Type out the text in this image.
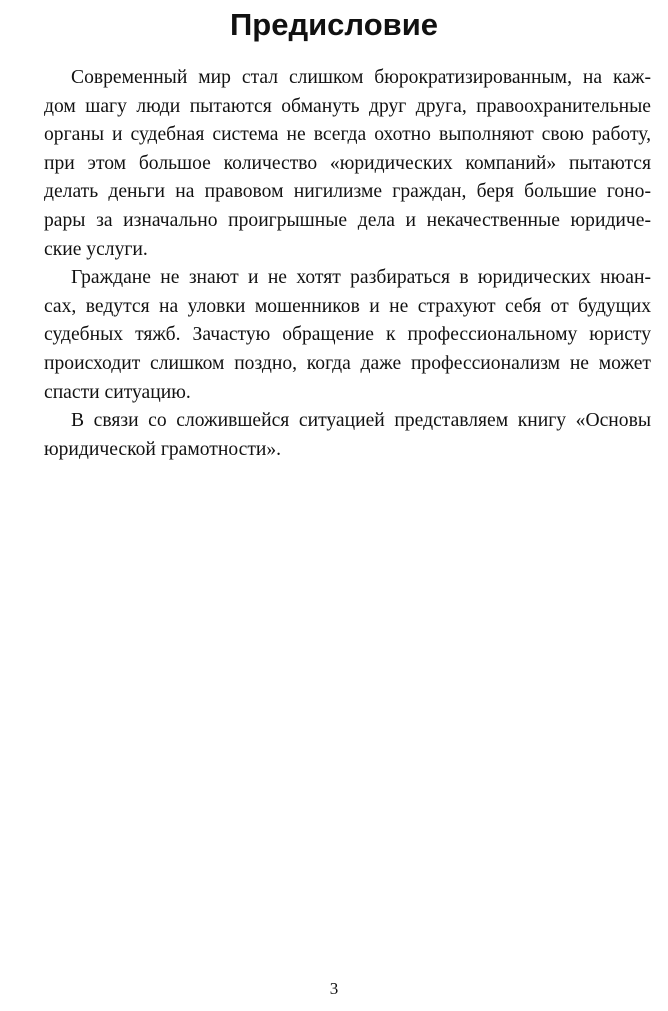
Предисловие

Современный мир стал слишком бюрократизированным, на каж-
дом шагу люди пытаются обмануть друг друга, правоохранительные
органы и судебная система не всегда охотно выполняют свою работу,
при этом большое количество «юридических компаний» пытаются
делать деньги на правовом нигилизме граждан, беря большие гоно-
рары за изначально проигрышные дела и некачественные юридиче-
ские услуги.

Граждане не знают и не хотят разбираться в юридических нюан-
сах, ведутся на уловки мошенников и не страхуют себя от будущих
судебных тяжб. Зачастую обращение к профессиональному юристу
происходит слишком поздно, когда даже профессионализм не может
спасти ситуацию.

В связи со сложившейся ситуацией представляем книгу «Основы
юридической грамотности».

3
